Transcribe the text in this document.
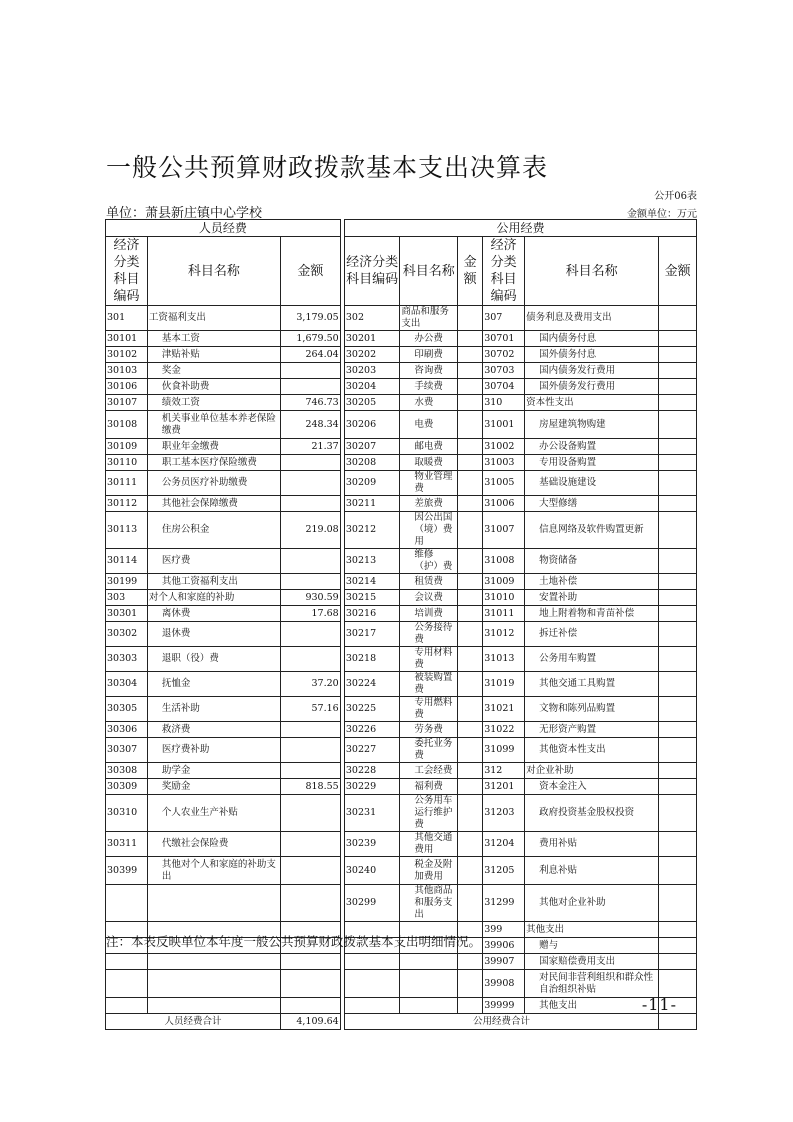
一般公共预算财政拨款基本支出决算表
公开06表
单位：萧县新庄镇中心学校	金额单位：万元
人员经费				公用经费					
经济分类科目编码	科目名称	金额		经济分类科目编码	科目名称	金额	经济分类科目编码	科目名称	金额
301	工资福利支出	3,179.05		302	商品和服务支出		307	债务利息及费用支出	
30101	基本工资	1,679.50		30201	办公费		30701	国内债务付息	
30102	津贴补贴	264.04		30202	印刷费		30702	国外债务付息	
30103	奖金			30203	咨询费		30703	国内债务发行费用	
30106	伙食补助费			30204	手续费		30704	国外债务发行费用	
30107	绩效工资	746.73		30205	水费		310	资本性支出	
30108	机关事业单位基本养老保险缴费	248.34		30206	电费		31001	房屋建筑物购建	
30109	职业年金缴费	21.37		30207	邮电费		31002	办公设备购置	
30110	职工基本医疗保险缴费			30208	取暖费		31003	专用设备购置	
30111	公务员医疗补助缴费			30209	物业管理费		31005	基础设施建设	
30112	其他社会保障缴费			30211	差旅费		31006	大型修缮	
30113	住房公积金	219.08		30212	因公出国（境）费用		31007	信息网络及软件购置更新	
30114	医疗费			30213	维修（护）费		31008	物资储备	
30199	其他工资福利支出			30214	租赁费		31009	土地补偿	
303	对个人和家庭的补助	930.59		30215	会议费		31010	安置补助	
30301	离休费	17.68		30216	培训费		31011	地上附着物和青苗补偿	
30302	退休费			30217	公务接待费		31012	拆迁补偿	
30303	退职（役）费			30218	专用材料费		31013	公务用车购置	
30304	抚恤金	37.20		30224	被装购置费		31019	其他交通工具购置	
30305	生活补助	57.16		30225	专用燃料费		31021	文物和陈列品购置	
30306	救济费			30226	劳务费		31022	无形资产购置	
30307	医疗费补助			30227	委托业务费		31099	其他资本性支出	
30308	助学金			30228	工会经费		312	对企业补助	
30309	奖励金	818.55		30229	福利费		31201	资本金注入	
30310	个人农业生产补贴			30231	公务用车运行维护费		31203	政府投资基金股权投资	
30311	代缴社会保险费			30239	其他交通费用		31204	费用补贴	
30399	其他对个人和家庭的补助支出			30240	税金及附加费用		31205	利息补贴	
				30299	其他商品和服务支出		31299	其他对企业补助	
							399	其他支出	
							39906	赠与	
							39907	国家赔偿费用支出	
							39908	对民间非营利组织和群众性自治组织补贴	
							39999	其他支出	
人员经费合计		4,109.64		公用经费合计					
注：本表反映单位本年度一般公共预算财政拨款基本支出明细情况。
-11-
